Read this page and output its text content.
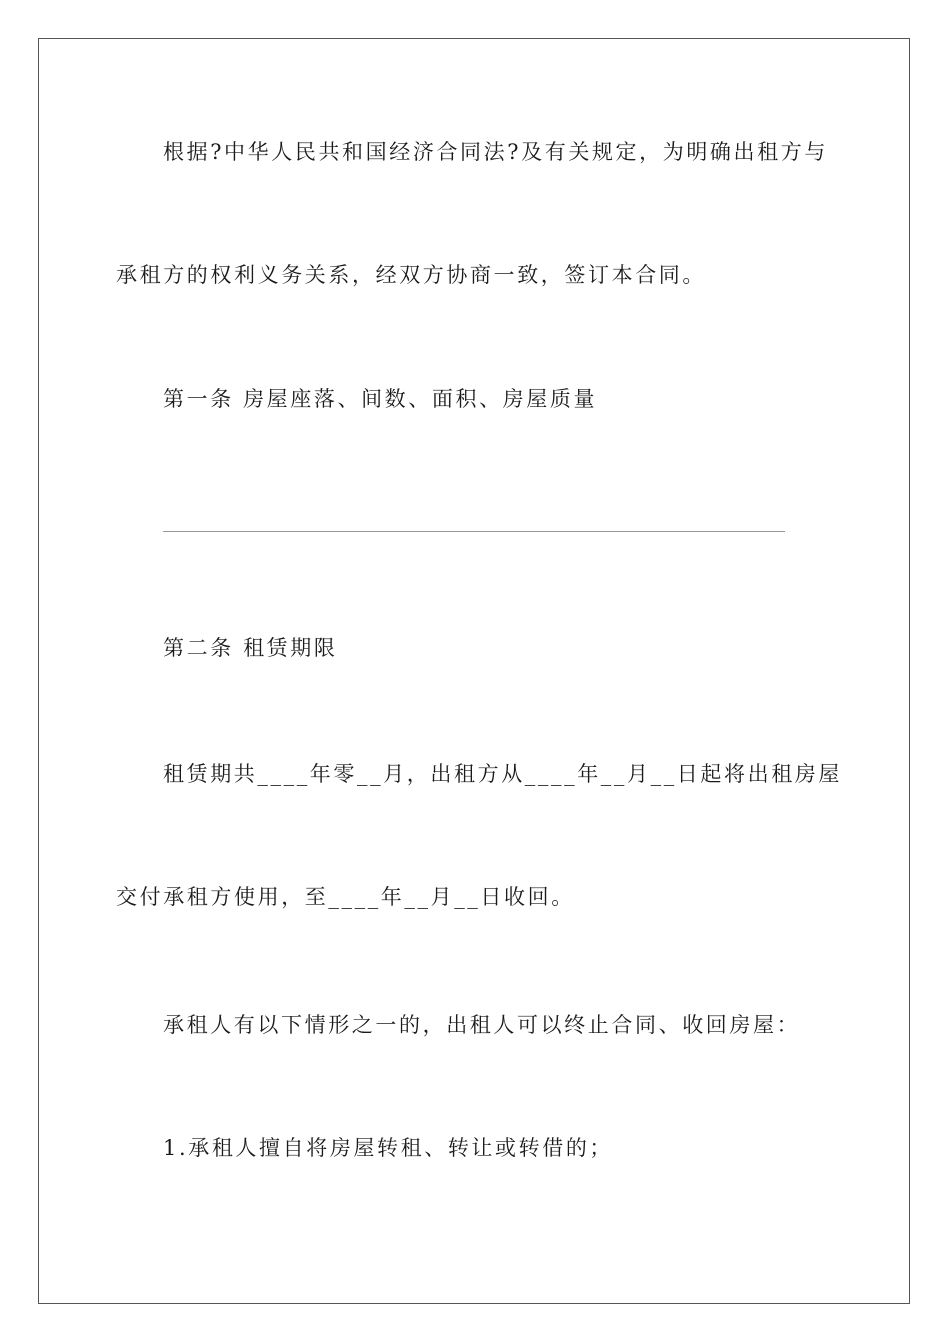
根据?中华人民共和国经济合同法?及有关规定，为明确出租方与
承租方的权利义务关系，经双方协商一致，签订本合同。
第一条 房屋座落、间数、面积、房屋质量
第二条 租赁期限
租赁期共____年零__月，出租方从____年__月__日起将出租房屋
交付承租方使用，至____年__月__日收回。
承租人有以下情形之一的，出租人可以终止合同、收回房屋：
1.承租人擅自将房屋转租、转让或转借的；
